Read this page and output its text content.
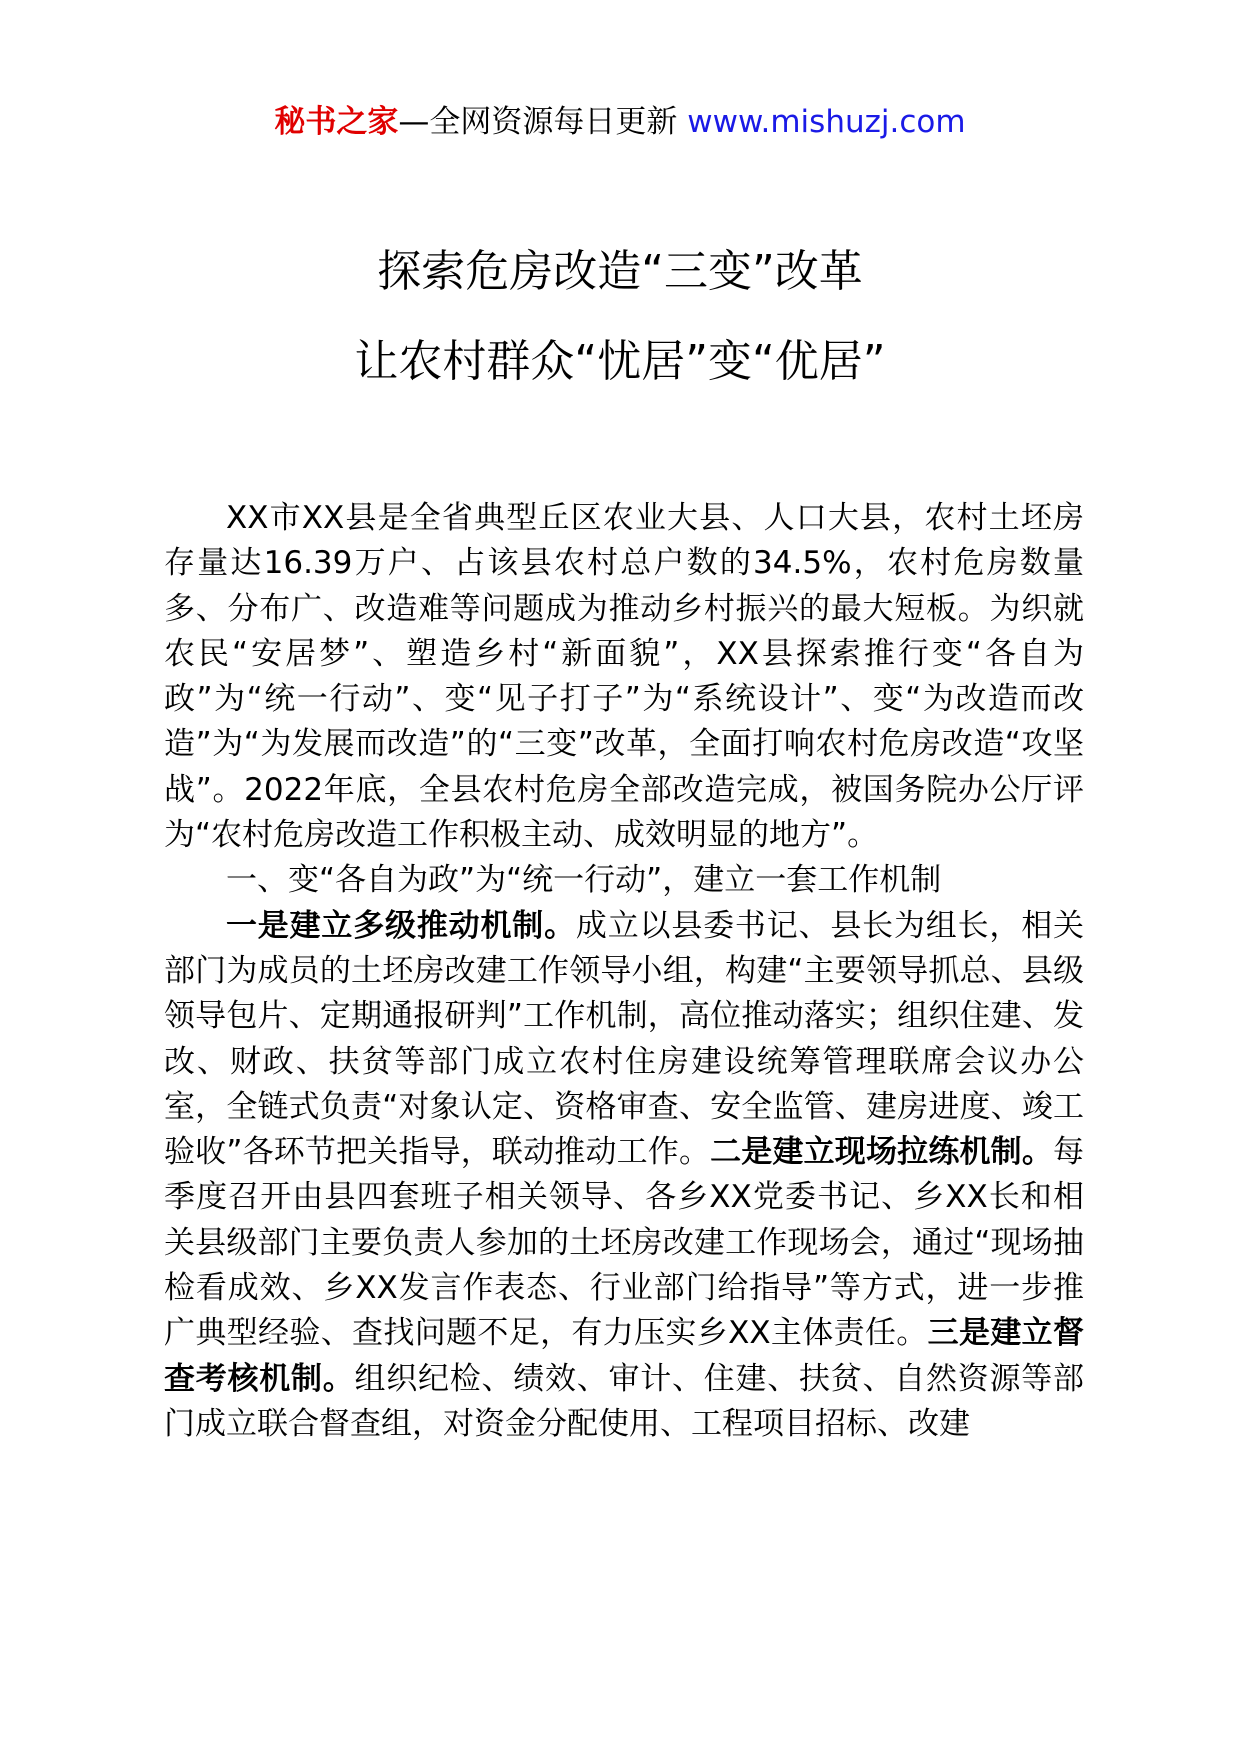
秘书之家—全网资源每日更新 www.mishuzj.com
探索危房改造“三变”改革
让农村群众“忧居”变“优居”

XX市XX县是全省典型丘区农业大县、人口大县，农村土坯房存量达16.39万户、占该县农村总户数的34.5%，农村危房数量多、分布广、改造难等问题成为推动乡村振兴的最大短板。为织就农民“安居梦”、塑造乡村“新面貌”，XX县探索推行变“各自为政”为“统一行动”、变“见子打子”为“系统设计”、变“为改造而改造”为“为发展而改造”的“三变”改革，全面打响农村危房改造“攻坚战”。2022年底，全县农村危房全部改造完成，被国务院办公厅评为“农村危房改造工作积极主动、成效明显的地方”。

一、变“各自为政”为“统一行动”，建立一套工作机制

一是建立多级推动机制。成立以县委书记、县长为组长，相关部门为成员的土坯房改建工作领导小组，构建“主要领导抓总、县级领导包片、定期通报研判”工作机制，高位推动落实；组织住建、发改、财政、扶贫等部门成立农村住房建设统筹管理联席会议办公室，全链式负责“对象认定、资格审查、安全监管、建房进度、竣工验收”各环节把关指导，联动推动工作。二是建立现场拉练机制。每季度召开由县四套班子相关领导、各乡XX党委书记、乡XX长和相关县级部门主要负责人参加的土坯房改建工作现场会，通过“现场抽检看成效、乡XX发言作表态、行业部门给指导”等方式，进一步推广典型经验、查找问题不足，有力压实乡XX主体责任。三是建立督查考核机制。组织纪检、绩效、审计、住建、扶贫、自然资源等部门成立联合督查组，对资金分配使用、工程项目招标、改建
